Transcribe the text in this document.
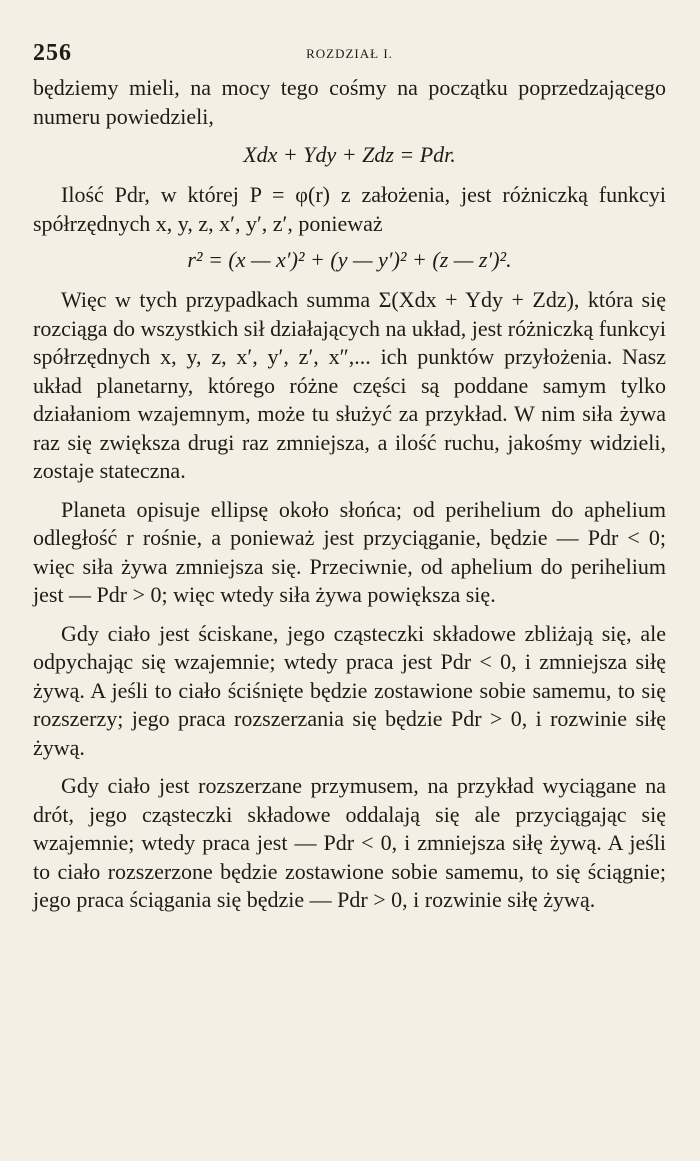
256	ROZDZIAŁ I.

będziemy mieli, na mocy tego cośmy na początku poprzedzającego numeru powiedzieli,

Xdx + Ydy + Zdz = Pdr.

Ilość Pdr, w której P = φ(r) z założenia, jest różniczką funkcyi spółrzędnych x, y, z, x′, y′, z′, ponieważ

r² = (x — x′)² + (y — y′)² + (z — z′)².

Więc w tych przypadkach summa Σ(Xdx + Ydy + Zdz), która się rozciąga do wszystkich sił działających na układ, jest różniczką funkcyi spółrzędnych x, y, z, x′, y′, z′, x″,... ich punktów przyłożenia. Nasz układ planetarny, którego różne części są poddane samym tylko działaniom wzajemnym, może tu służyć za przykład. W nim siła żywa raz się zwiększa drugi raz zmniejsza, a ilość ruchu, jakośmy widzieli, zostaje stateczna.

Planeta opisuje ellipsę około słońca; od perihelium do aphelium odległość r rośnie, a ponieważ jest przyciąganie, będzie — Pdr < 0; więc siła żywa zmniejsza się. Przeciwnie, od aphelium do perihelium jest — Pdr > 0; więc wtedy siła żywa powiększa się.

Gdy ciało jest ściskane, jego cząsteczki składowe zbliżają się, ale odpychając się wzajemnie; wtedy praca jest Pdr < 0, i zmniejsza siłę żywą. A jeśli to ciało ściśnięte będzie zostawione sobie samemu, to się rozszerzy; jego praca rozszerzania się będzie Pdr > 0, i rozwinie siłę żywą.

Gdy ciało jest rozszerzane przymusem, na przykład wyciągane na drót, jego cząsteczki składowe oddalają się ale przyciągając się wzajemnie; wtedy praca jest — Pdr < 0, i zmniejsza siłę żywą. A jeśli to ciało rozszerzone będzie zostawione sobie samemu, to się ściągnie; jego praca ściągania się będzie — Pdr > 0, i rozwinie siłę żywą.
